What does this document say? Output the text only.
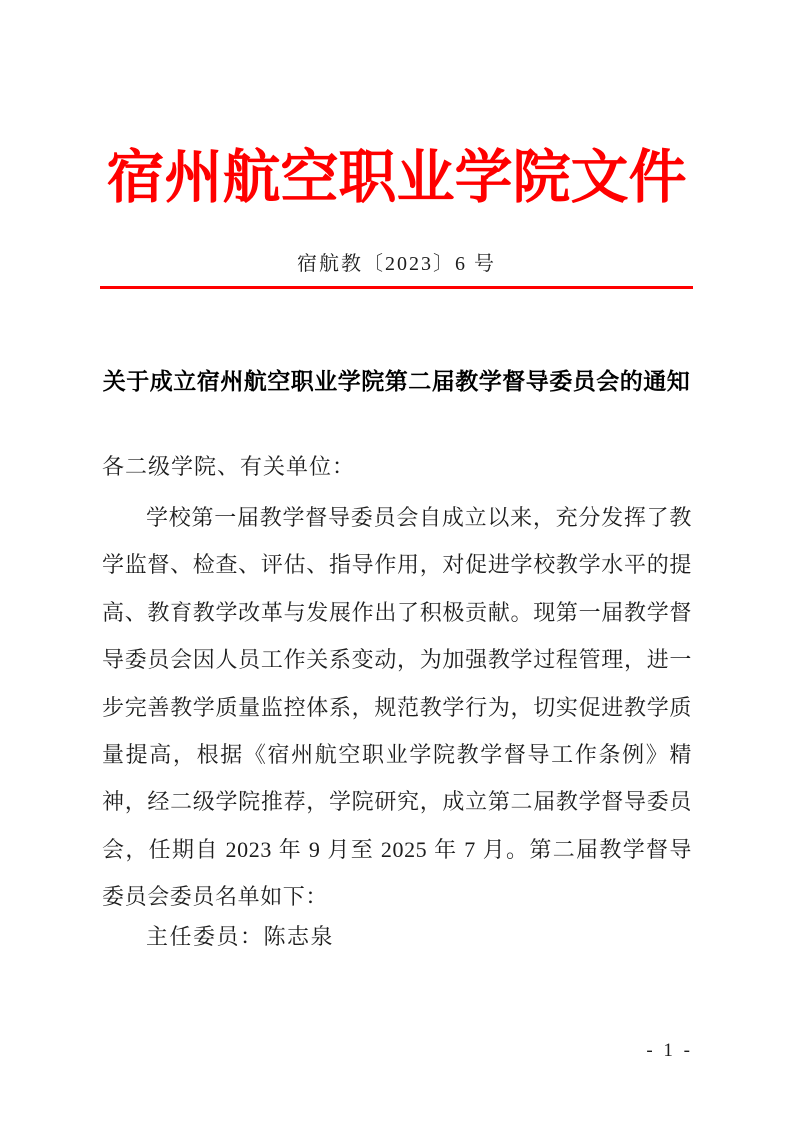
宿州航空职业学院文件
宿航教〔2023〕6 号
关于成立宿州航空职业学院第二届教学督导委员会的通知

各二级学院、有关单位：

学校第一届教学督导委员会自成立以来，充分发挥了教学监督、检查、评估、指导作用，对促进学校教学水平的提高、教育教学改革与发展作出了积极贡献。现第一届教学督导委员会因人员工作关系变动，为加强教学过程管理，进一步完善教学质量监控体系，规范教学行为，切实促进教学质量提高，根据《宿州航空职业学院教学督导工作条例》精神，经二级学院推荐，学院研究，成立第二届教学督导委员会，任期自 2023 年 9 月至 2025 年 7 月。第二届教学督导委员会委员名单如下：

主任委员：陈志泉

- 1 -
